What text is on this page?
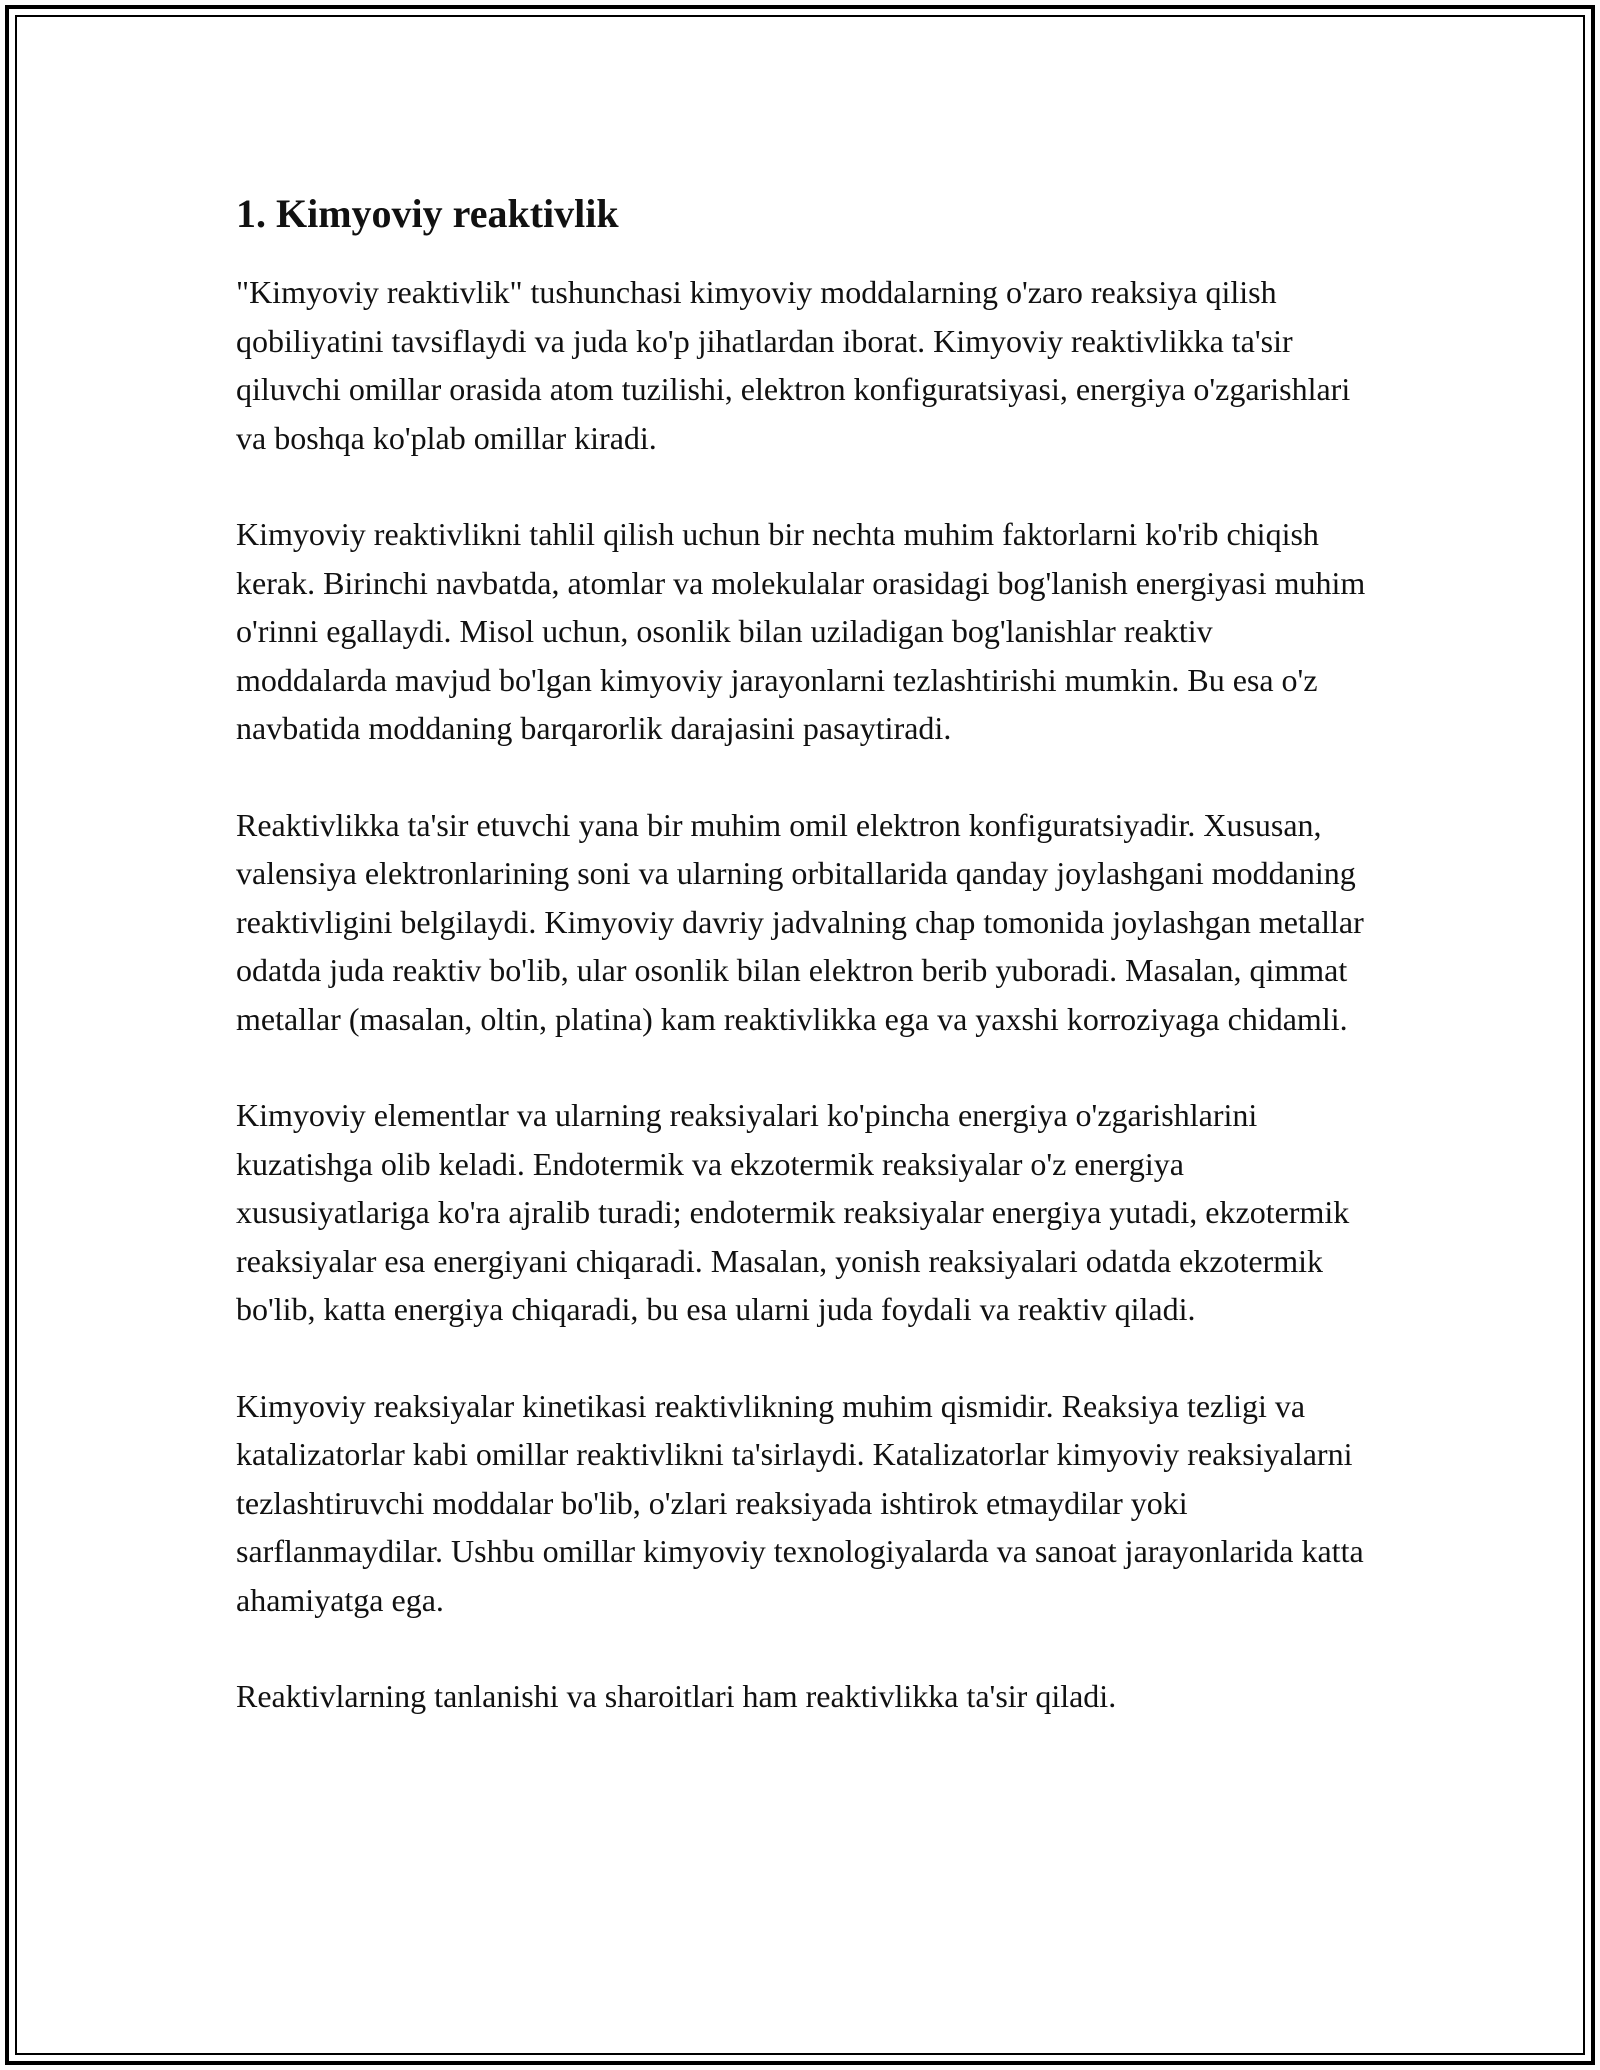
1. Kimyoviy reaktivlik

"Kimyoviy reaktivlik" tushunchasi kimyoviy moddalarning o'zaro reaksiya qilish qobiliyatini tavsiflaydi va juda ko'p jihatlardan iborat. Kimyoviy reaktivlikka ta'sir qiluvchi omillar orasida atom tuzilishi, elektron konfiguratsiyasi, energiya o'zgarishlari va boshqa ko'plab omillar kiradi.

Kimyoviy reaktivlikni tahlil qilish uchun bir nechta muhim faktorlarni ko'rib chiqish kerak. Birinchi navbatda, atomlar va molekulalar orasidagi bog'lanish energiyasi muhim o'rinni egallaydi. Misol uchun, osonlik bilan uziladigan bog'lanishlar reaktiv moddalarda mavjud bo'lgan kimyoviy jarayonlarni tezlashtirishi mumkin. Bu esa o'z navbatida moddaning barqarorlik darajasini pasaytiradi.

Reaktivlikka ta'sir etuvchi yana bir muhim omil elektron konfiguratsiyadir. Xususan, valensiya elektronlarining soni va ularning orbitallarida qanday joylashgani moddaning reaktivligini belgilaydi. Kimyoviy davriy jadvalning chap tomonida joylashgan metallar odatda juda reaktiv bo'lib, ular osonlik bilan elektron berib yuboradi. Masalan, qimmat metallar (masalan, oltin, platina) kam reaktivlikka ega va yaxshi korroziyaga chidamli.

Kimyoviy elementlar va ularning reaksiyalari ko'pincha energiya o'zgarishlarini kuzatishga olib keladi. Endotermik va ekzotermik reaksiyalar o'z energiya xususiyatlariga ko'ra ajralib turadi; endotermik reaksiyalar energiya yutadi, ekzotermik reaksiyalar esa energiyani chiqaradi. Masalan, yonish reaksiyalari odatda ekzotermik bo'lib, katta energiya chiqaradi, bu esa ularni juda foydali va reaktiv qiladi.

Kimyoviy reaksiyalar kinetikasi reaktivlikning muhim qismidir. Reaksiya tezligi va katalizatorlar kabi omillar reaktivlikni ta'sirlaydi. Katalizatorlar kimyoviy reaksiyalarni tezlashtiruvchi moddalar bo'lib, o'zlari reaksiyada ishtirok etmaydilar yoki sarflanmaydilar. Ushbu omillar kimyoviy texnologiyalarda va sanoat jarayonlarida katta ahamiyatga ega.

Reaktivlarning tanlanishi va sharoitlari ham reaktivlikka ta'sir qiladi.
